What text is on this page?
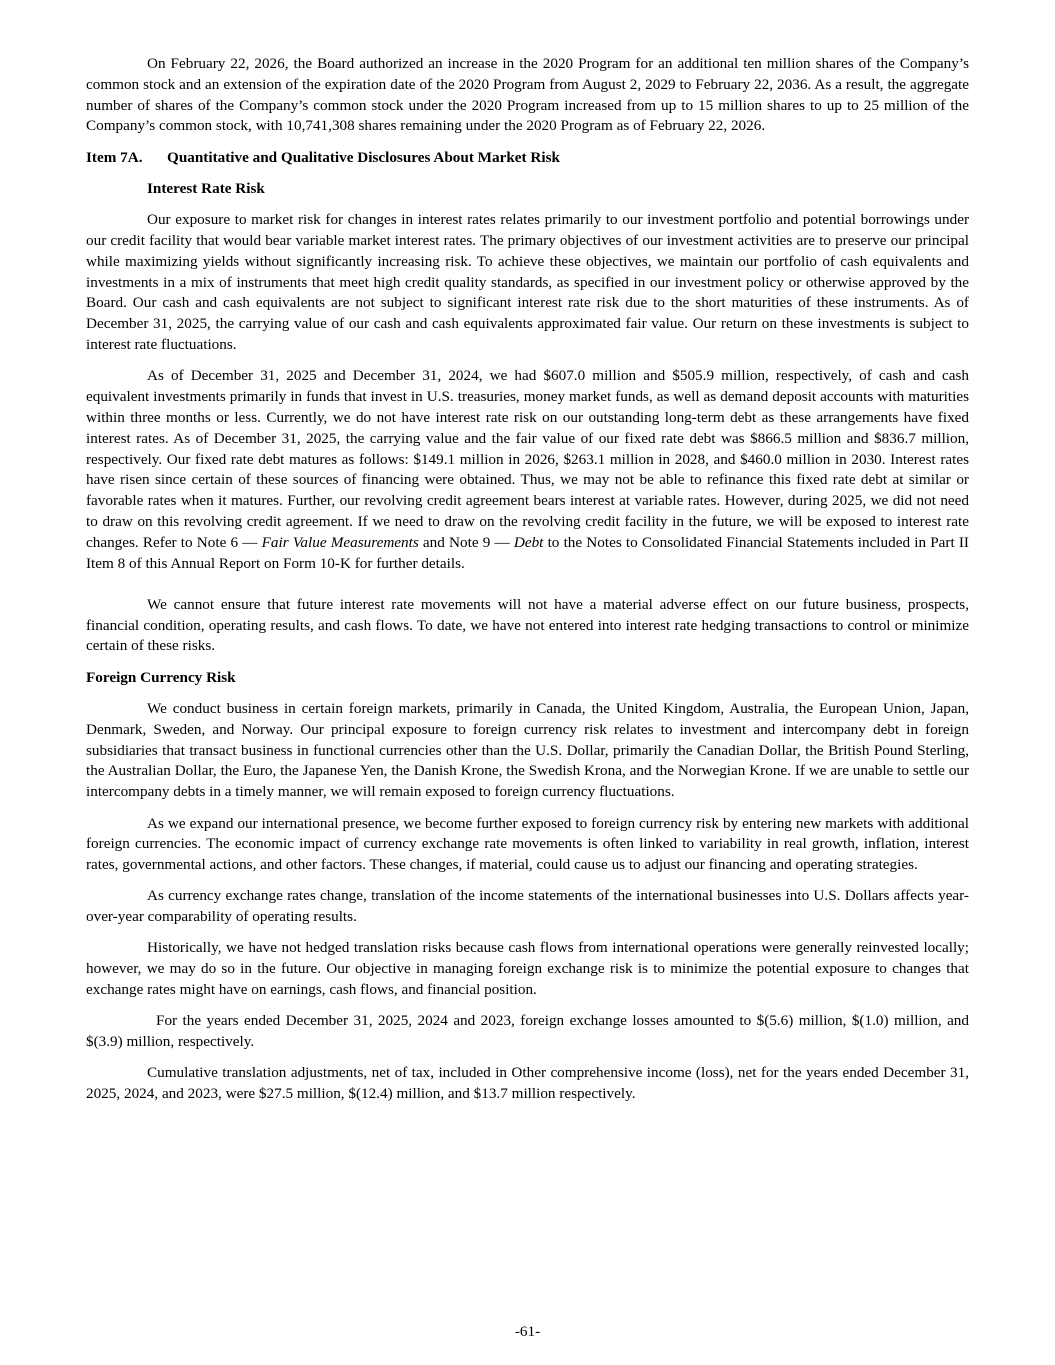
On February 22, 2026, the Board authorized an increase in the 2020 Program for an additional ten million shares of the Company’s common stock and an extension of the expiration date of the 2020 Program from August 2, 2029 to February 22, 2036. As a result, the aggregate number of shares of the Company’s common stock under the 2020 Program increased from up to 15 million shares to up to 25 million of the Company’s common stock, with 10,741,308 shares remaining under the 2020 Program as of February 22, 2026.

Item 7A. Quantitative and Qualitative Disclosures About Market Risk
Interest Rate Risk

Our exposure to market risk for changes in interest rates relates primarily to our investment portfolio and potential borrowings under our credit facility that would bear variable market interest rates. The primary objectives of our investment activities are to preserve our principal while maximizing yields without significantly increasing risk. To achieve these objectives, we maintain our portfolio of cash equivalents and investments in a mix of instruments that meet high credit quality standards, as specified in our investment policy or otherwise approved by the Board. Our cash and cash equivalents are not subject to significant interest rate risk due to the short maturities of these instruments. As of December 31, 2025, the carrying value of our cash and cash equivalents approximated fair value. Our return on these investments is subject to interest rate fluctuations.

As of December 31, 2025 and December 31, 2024, we had $607.0 million and $505.9 million, respectively, of cash and cash equivalent investments primarily in funds that invest in U.S. treasuries, money market funds, as well as demand deposit accounts with maturities within three months or less. Currently, we do not have interest rate risk on our outstanding long-term debt as these arrangements have fixed interest rates. As of December 31, 2025, the carrying value and the fair value of our fixed rate debt was $866.5 million and $836.7 million, respectively. Our fixed rate debt matures as follows: $149.1 million in 2026, $263.1 million in 2028, and $460.0 million in 2030. Interest rates have risen since certain of these sources of financing were obtained. Thus, we may not be able to refinance this fixed rate debt at similar or favorable rates when it matures. Further, our revolving credit agreement bears interest at variable rates. However, during 2025, we did not need to draw on this revolving credit agreement. If we need to draw on the revolving credit facility in the future, we will be exposed to interest rate changes. Refer to Note 6 — Fair Value Measurements and Note 9 — Debt to the Notes to Consolidated Financial Statements included in Part II Item 8 of this Annual Report on Form 10-K for further details.

We cannot ensure that future interest rate movements will not have a material adverse effect on our future business, prospects, financial condition, operating results, and cash flows. To date, we have not entered into interest rate hedging transactions to control or minimize certain of these risks.

Foreign Currency Risk

We conduct business in certain foreign markets, primarily in Canada, the United Kingdom, Australia, the European Union, Japan, Denmark, Sweden, and Norway. Our principal exposure to foreign currency risk relates to investment and intercompany debt in foreign subsidiaries that transact business in functional currencies other than the U.S. Dollar, primarily the Canadian Dollar, the British Pound Sterling, the Australian Dollar, the Euro, the Japanese Yen, the Danish Krone, the Swedish Krona, and the Norwegian Krone. If we are unable to settle our intercompany debts in a timely manner, we will remain exposed to foreign currency fluctuations.

As we expand our international presence, we become further exposed to foreign currency risk by entering new markets with additional foreign currencies. The economic impact of currency exchange rate movements is often linked to variability in real growth, inflation, interest rates, governmental actions, and other factors. These changes, if material, could cause us to adjust our financing and operating strategies.

As currency exchange rates change, translation of the income statements of the international businesses into U.S. Dollars affects year-over-year comparability of operating results.

Historically, we have not hedged translation risks because cash flows from international operations were generally reinvested locally; however, we may do so in the future. Our objective in managing foreign exchange risk is to minimize the potential exposure to changes that exchange rates might have on earnings, cash flows, and financial position.

For the years ended December 31, 2025, 2024 and 2023, foreign exchange losses amounted to $(5.6) million, $(1.0) million, and $(3.9) million, respectively.

Cumulative translation adjustments, net of tax, included in Other comprehensive income (loss), net for the years ended December 31, 2025, 2024, and 2023, were $27.5 million, $(12.4) million, and $13.7 million respectively.

-61-
